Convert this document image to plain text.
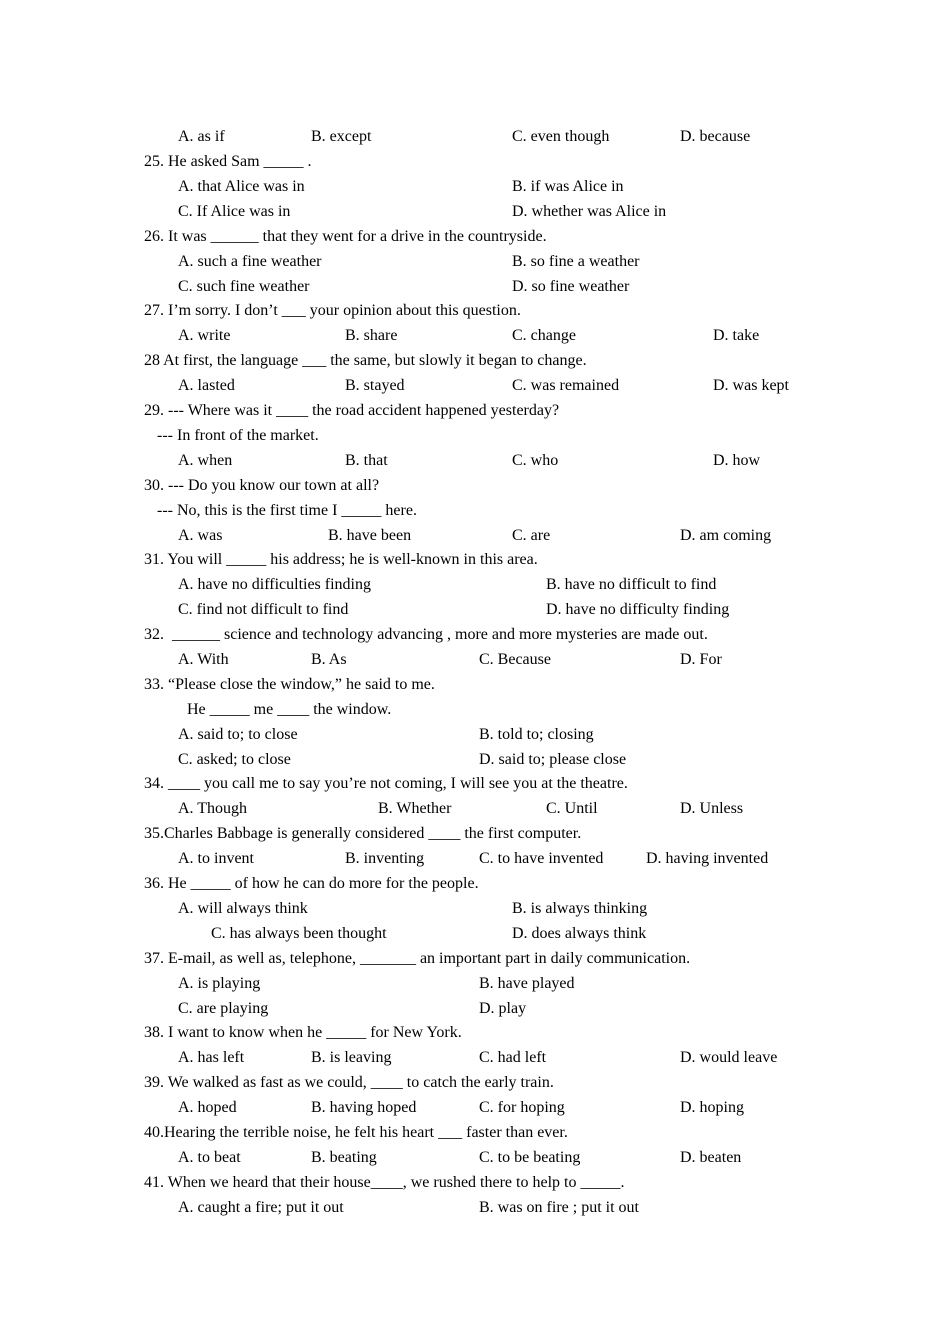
A. as if	B. except	C. even though	D. because
25. He asked Sam _____ .
A. that Alice was in	B. if was Alice in
C. If Alice was in	D. whether was Alice in
26. It was ______ that they went for a drive in the countryside.
A. such a fine weather	B. so fine a weather
C. such fine weather	D. so fine weather
27. I’m sorry. I don’t ___ your opinion about this question.
A. write	B. share	C. change	D. take
28 At first, the language ___ the same, but slowly it began to change.
A. lasted	B. stayed	C. was remained	D. was kept
29. --- Where was it ____ the road accident happened yesterday?
--- In front of the market.
A. when	B. that	C. who	D. how
30. --- Do you know our town at all?
--- No, this is the first time I _____ here.
A. was	B. have been	C. are	D. am coming
31. You will _____ his address; he is well-known in this area.
A. have no difficulties finding	B. have no difficult to find
C. find not difficult to find	D. have no difficulty finding
32.  ______ science and technology advancing , more and more mysteries are made out.
A. With	B. As	C. Because	D. For
33. “Please close the window,” he said to me.
He _____ me ____ the window.
A. said to; to close	B. told to; closing
C. asked; to close	D. said to; please close
34. ____ you call me to say you’re not coming, I will see you at the theatre.
A. Though	B. Whether	C. Until	D. Unless
35.Charles Babbage is generally considered ____ the first computer.
A. to invent	B. inventing	C. to have invented	D. having invented
36. He _____ of how he can do more for the people.
A. will always think	B. is always thinking
C. has always been thought	D. does always think
37. E-mail, as well as, telephone, _______ an important part in daily communication.
A. is playing	B. have played
C. are playing	D. play
38. I want to know when he _____ for New York.
A. has left	B. is leaving	C. had left	D. would leave
39. We walked as fast as we could, ____ to catch the early train.
A. hoped	B. having hoped	C. for hoping	D. hoping
40.Hearing the terrible noise, he felt his heart ___ faster than ever.
A. to beat	B. beating	C. to be beating	D. beaten
41. When we heard that their house____, we rushed there to help to _____.
A. caught a fire; put it out	B. was on fire ; put it out
